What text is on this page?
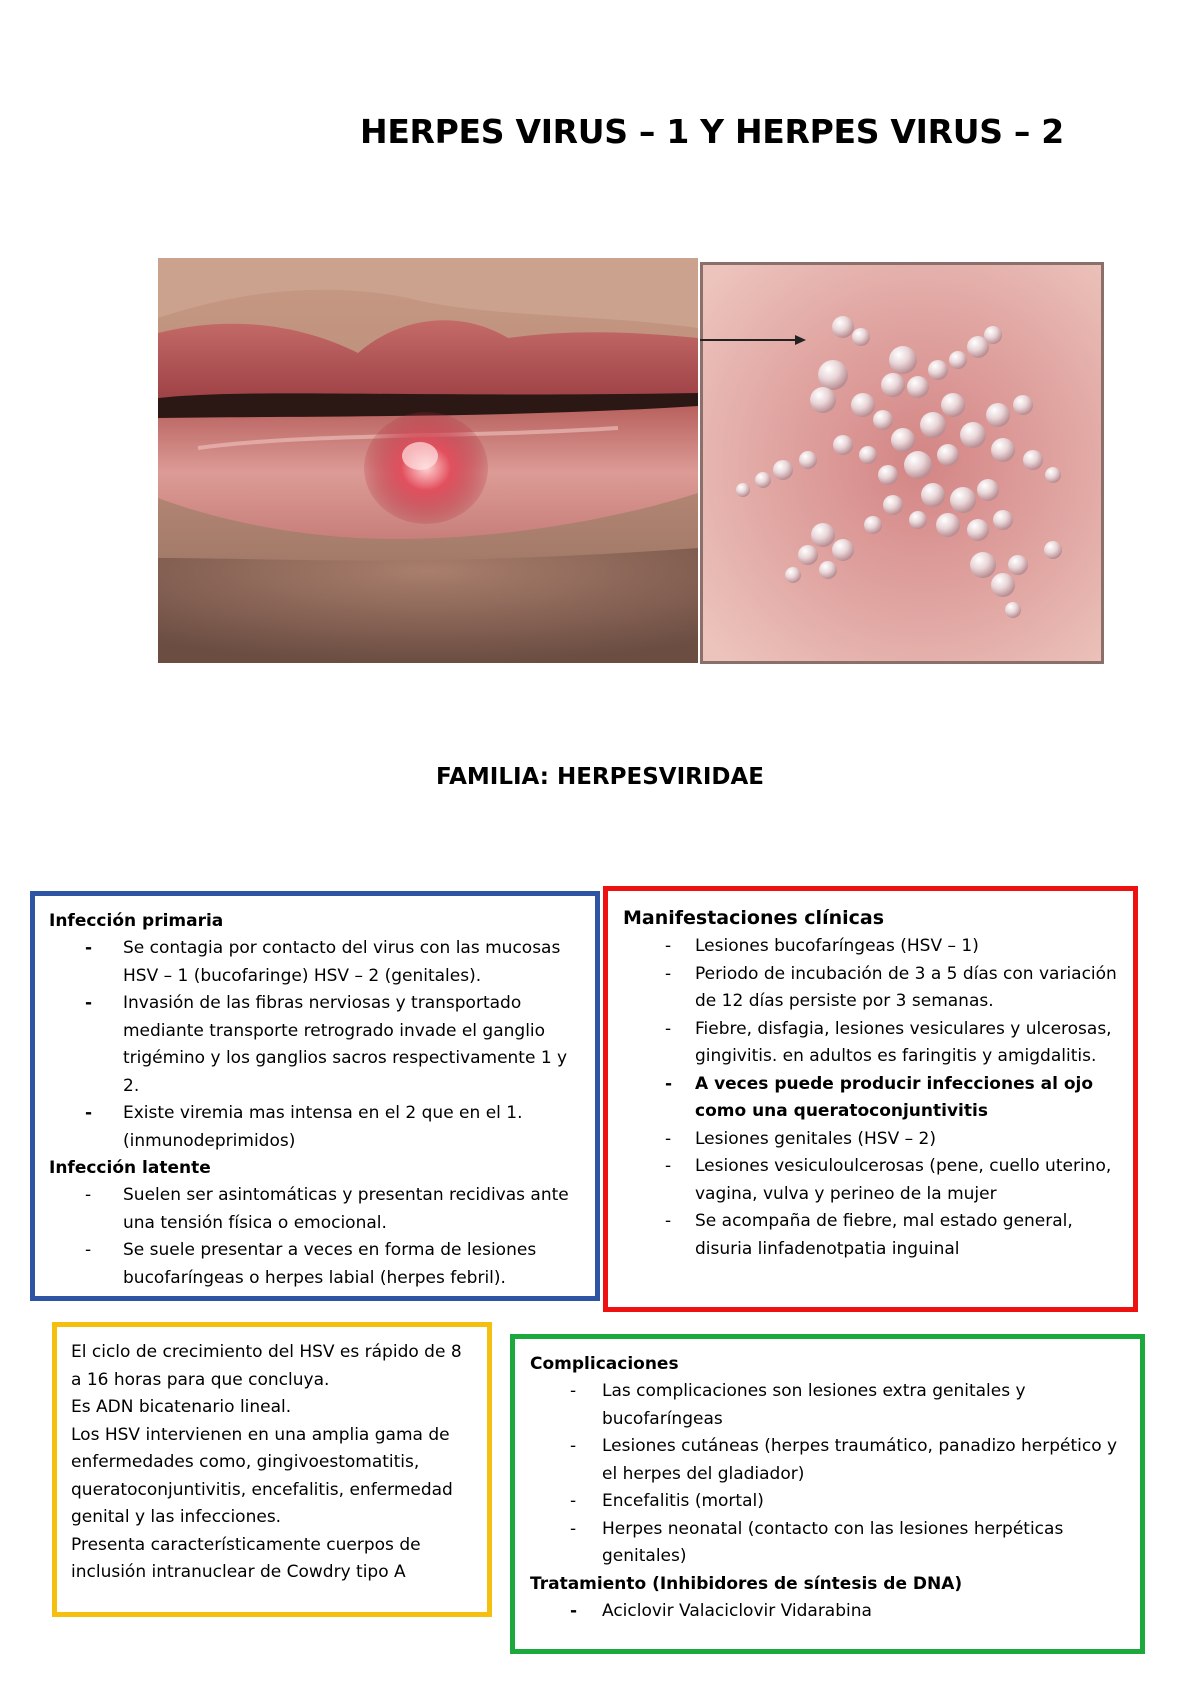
HERPES VIRUS – 1 Y HERPES VIRUS – 2
FAMILIA: HERPESVIRIDAE

Infección primaria

- Se contagia por contacto del virus con las mucosas HSV – 1 (bucofaringe) HSV – 2 (genitales).
- Invasión de las fibras nerviosas y transportado mediante transporte retrogrado invade el ganglio trigémino y los ganglios sacros respectivamente 1 y 2.
- Existe viremia mas intensa en el 2 que en el 1. (inmunodeprimidos)

Infección latente

- Suelen ser asintomáticas y presentan recidivas ante una tensión física o emocional.
- Se suele presentar a veces en forma de lesiones bucofaríngeas o herpes labial (herpes febril).

Manifestaciones clínicas

- Lesiones bucofaríngeas (HSV – 1)
- Periodo de incubación de 3 a 5 días con variación de 12 días persiste por 3 semanas.
- Fiebre, disfagia, lesiones vesiculares y ulcerosas, gingivitis. en adultos es faringitis y amigdalitis.
- A veces puede producir infecciones al ojo como una queratoconjuntivitis
- Lesiones genitales (HSV – 2)
- Lesiones vesiculoulcerosas (pene, cuello uterino, vagina, vulva y perineo de la mujer
- Se acompaña de fiebre, mal estado general, disuria linfadenotpatia inguinal

El ciclo de crecimiento del HSV es rápido de 8 a 16 horas para que concluya.

Es ADN bicatenario lineal.

Los HSV intervienen en una amplia gama de enfermedades como, gingivoestomatitis, queratoconjuntivitis, encefalitis, enfermedad genital y las infecciones.

Presenta característicamente cuerpos de inclusión intranuclear de Cowdry tipo A

Complicaciones

- Las complicaciones son lesiones extra genitales y bucofaríngeas
- Lesiones cutáneas (herpes traumático, panadizo herpético y el herpes del gladiador)
- Encefalitis (mortal)
- Herpes neonatal (contacto con las lesiones herpéticas genitales)

Tratamiento (Inhibidores de síntesis de DNA)

- Aciclovir Valaciclovir Vidarabina
